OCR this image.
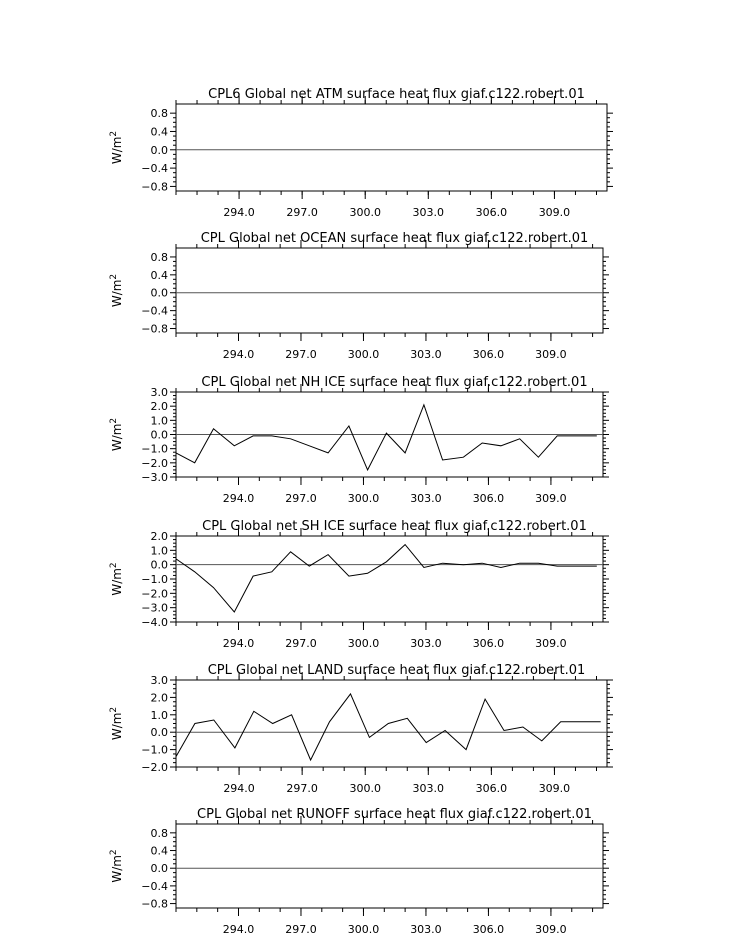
CPL6 Global net ATM surface heat flux giaf.c122.robert.01
0.8
0.4
0.0
−0.4
−0.8
294.0	297.0	300.0	303.0	306.0	309.0
$W/m^2$
CPL Global net OCEAN surface heat flux giaf.c122.robert.01
0.8
0.4
0.0
−0.4
−0.8
294.0	297.0	300.0	303.0	306.0	309.0
$W/m^2$
CPL Global net NH ICE surface heat flux giaf.c122.robert.01
3.0
2.0
1.0
0.0
−1.0
−2.0
−3.0
294.0	297.0	300.0	303.0	306.0	309.0
$W/m^2$
CPL Global net SH ICE surface heat flux giaf.c122.robert.01
2.0
1.0
0.0
−1.0
−2.0
−3.0
−4.0
294.0	297.0	300.0	303.0	306.0	309.0
$W/m^2$
CPL Global net LAND surface heat flux giaf.c122.robert.01
3.0
2.0
1.0
0.0
−1.0
−2.0
294.0	297.0	300.0	303.0	306.0	309.0
$W/m^2$
CPL Global net RUNOFF surface heat flux giaf.c122.robert.01
0.8
0.4
0.0
−0.4
−0.8
294.0	297.0	300.0	303.0	306.0	309.0
$W/m^2$
